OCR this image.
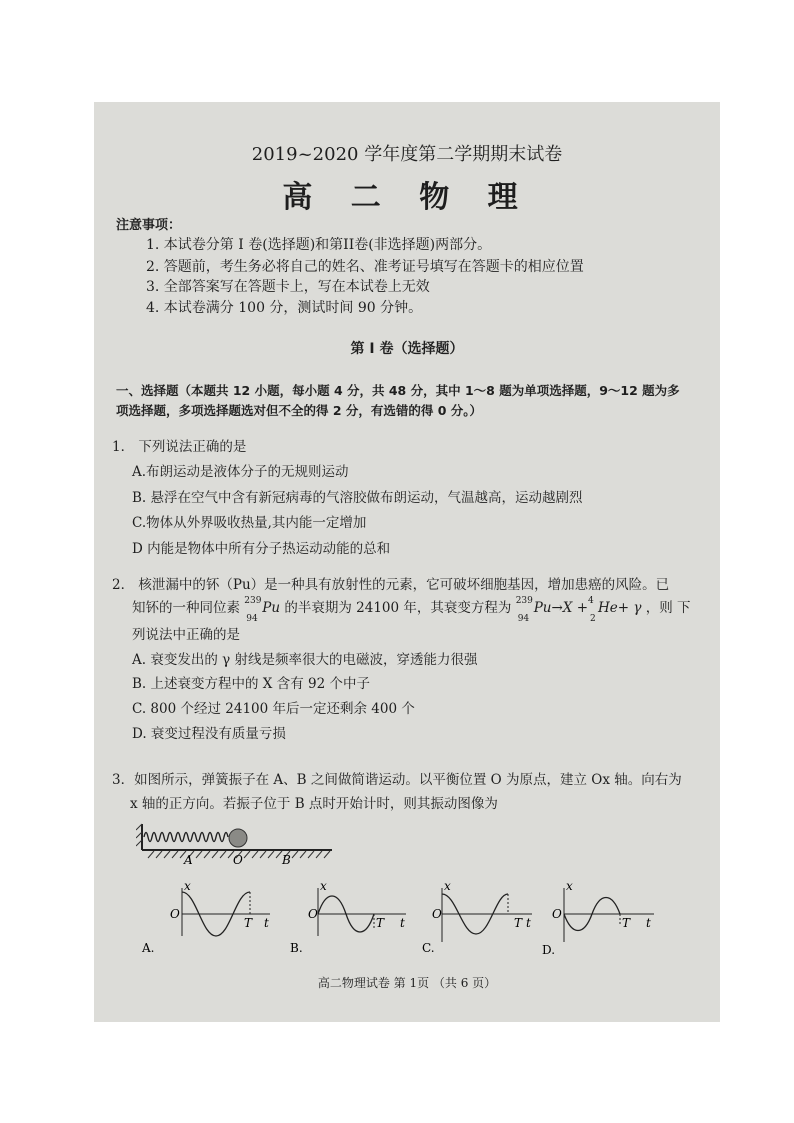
2019~2020 学年度第二学期期末试卷
高 二 物 理
注意事项：
1. 本试卷分第 I 卷(选择题)和第II卷(非选择题)两部分。
2. 答题前，考生务必将自己的姓名、准考证号填写在答题卡的相应位置
3. 全部答案写在答题卡上，写在本试卷上无效
4. 本试卷满分 100 分，测试时间 90 分钟。
第 I 卷（选择题）
一、选择题（本题共 12 小题，每小题 4 分，共 48 分，其中 1～8 题为单项选择题，9～12 题为多
项选择题，多项选择题选对但不全的得 2 分，有选错的得 0 分。）
1． 下列说法正确的是
A.布朗运动是液体分子的无规则运动
B. 悬浮在空气中含有新冠病毒的气溶胶做布朗运动，气温越高，运动越剧烈
C.物体从外界吸收热量,其内能一定增加
D 内能是物体中所有分子热运动动能的总和
2． 核泄漏中的钚（Pu）是一种具有放射性的元素，它可破坏细胞基因，增加患癌的风险。已
知钚的一种同位素 239
94
Pu 的半衰期为 24100 年，其衰变方程为 239
94
Pu→X + 4
2
He+ γ ，则 下
列说法中正确的是
A. 衰变发出的 γ 射线是频率很大的电磁波，穿透能力很强
B. 上述衰变方程中的 X 含有 92 个中子
C. 800 个经过 24100 年后一定还剩余 400 个
D. 衰变过程没有质量亏损
3．如图所示，弹簧振子在 A、B 之间做简谐运动。以平衡位置 O 为原点，建立 Ox 轴。向右为
x 轴的正方向。若振子位于 B 点时开始计时，则其振动图像为
A	O	B
x
O
T t
A.
x
O
T t
B.
x
O
T t
C.
x
O
T t
D.
高二物理试卷 第 1页 （共 6 页）
